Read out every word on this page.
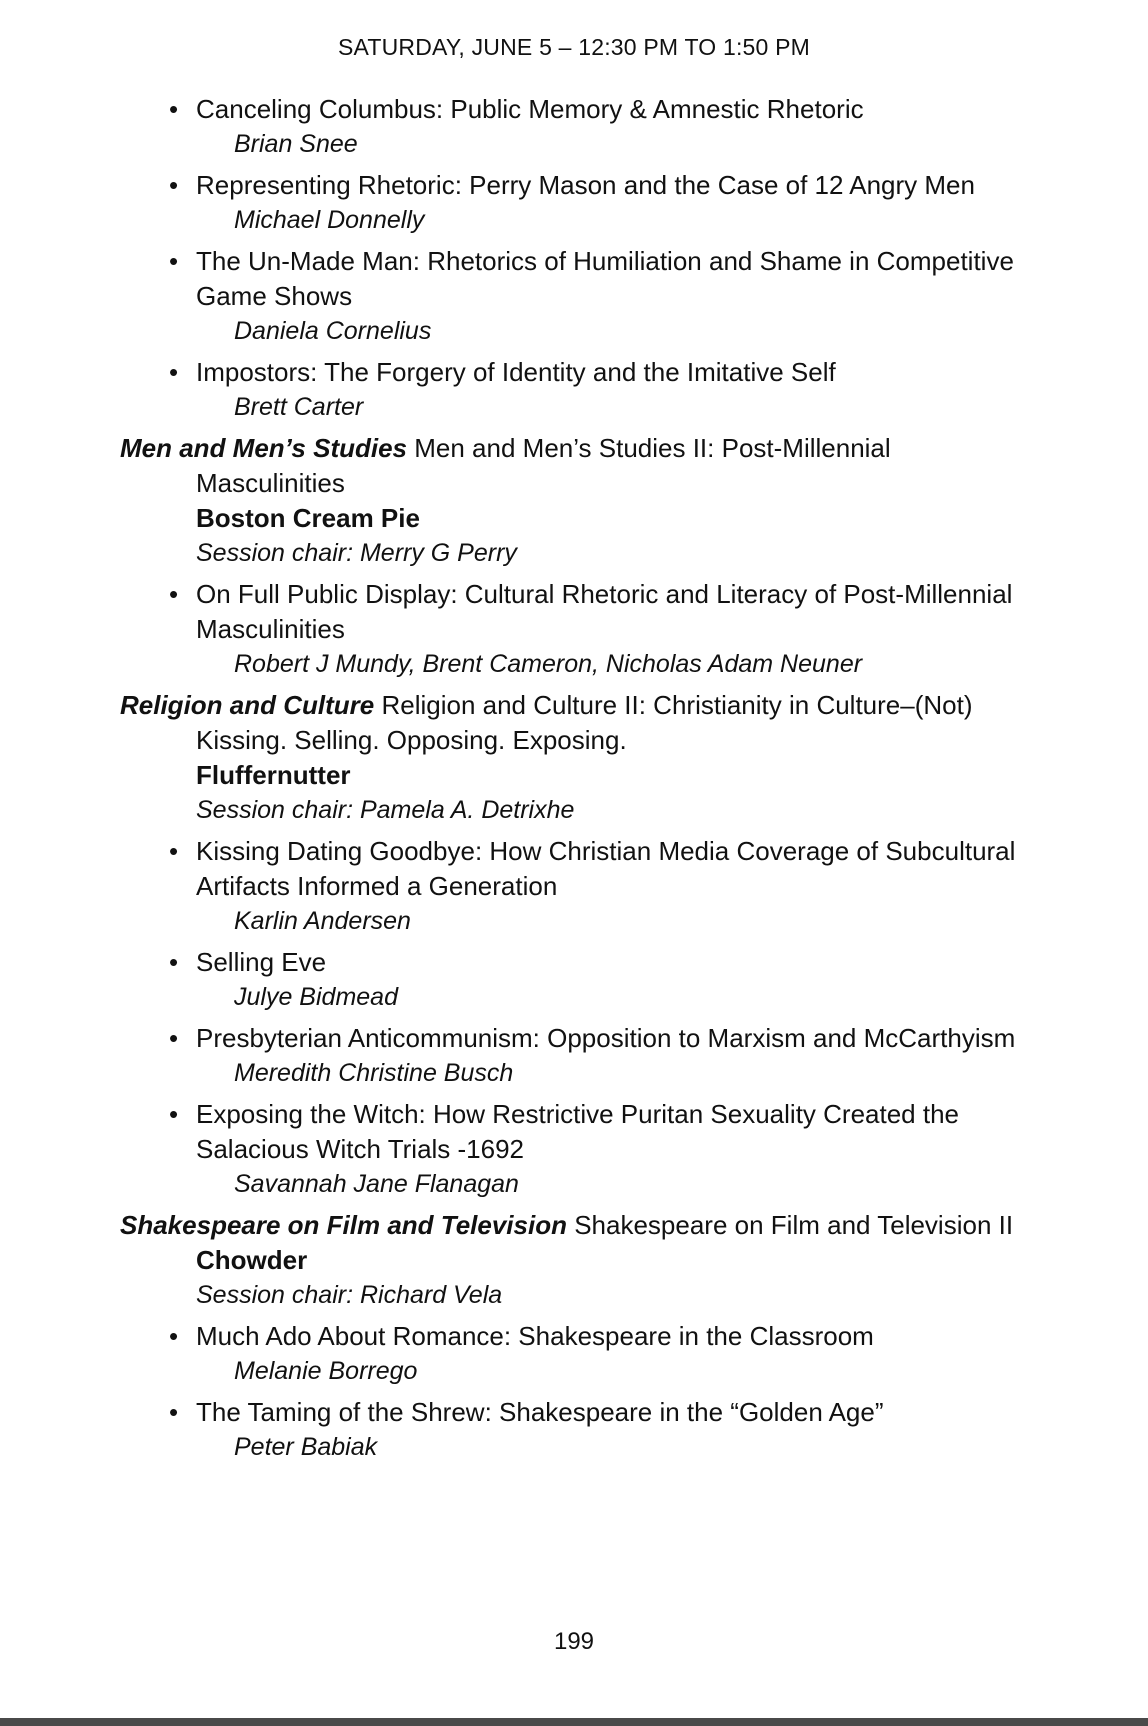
SATURDAY, JUNE 5 – 12:30 PM TO 1:50 PM
• Canceling Columbus: Public Memory & Amnestic Rhetoric
Brian Snee
• Representing Rhetoric: Perry Mason and the Case of 12 Angry Men
Michael Donnelly
• The Un-Made Man: Rhetorics of Humiliation and Shame in Competitive Game Shows
Daniela Cornelius
• Impostors: The Forgery of Identity and the Imitative Self
Brett Carter
Men and Men’s Studies Men and Men’s Studies II: Post-Millennial Masculinities
Boston Cream Pie
Session chair: Merry G Perry
• On Full Public Display: Cultural Rhetoric and Literacy of Post-Millennial Masculinities
Robert J Mundy, Brent Cameron, Nicholas Adam Neuner
Religion and Culture Religion and Culture II: Christianity in Culture–(Not) Kissing. Selling. Opposing. Exposing.
Fluffernutter
Session chair: Pamela A. Detrixhe
• Kissing Dating Goodbye: How Christian Media Coverage of Subcultural Artifacts Informed a Generation
Karlin Andersen
• Selling Eve
Julye Bidmead
• Presbyterian Anticommunism: Opposition to Marxism and McCarthyism
Meredith Christine Busch
• Exposing the Witch: How Restrictive Puritan Sexuality Created the Salacious Witch Trials -1692
Savannah Jane Flanagan
Shakespeare on Film and Television Shakespeare on Film and Television II
Chowder
Session chair: Richard Vela
• Much Ado About Romance: Shakespeare in the Classroom
Melanie Borrego
• The Taming of the Shrew: Shakespeare in the “Golden Age”
Peter Babiak
199
